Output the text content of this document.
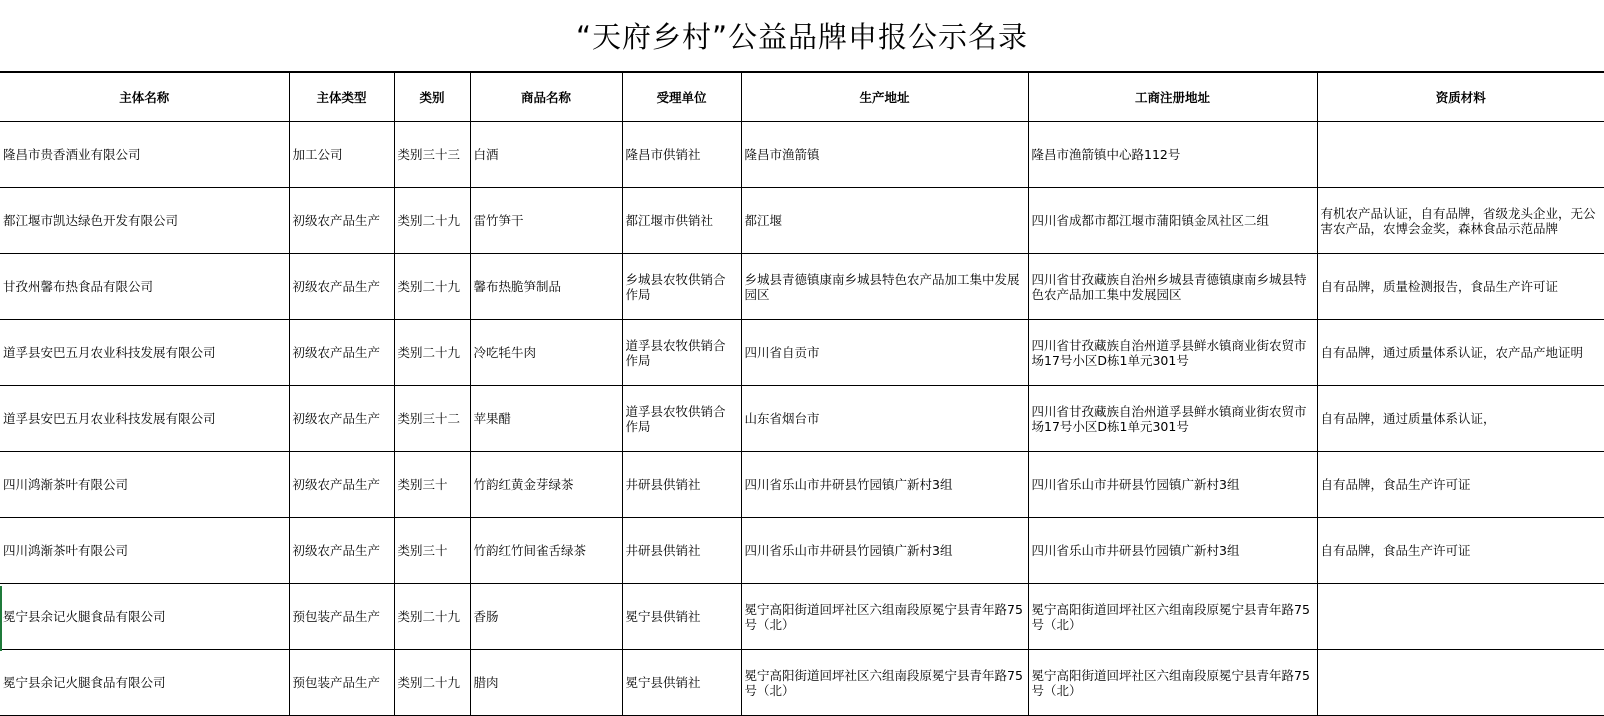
“天府乡村”公益品牌申报公示名录
主体名称	主体类型	类别	商品名称	受理单位	生产地址	工商注册地址	资质材料
隆昌市贵香酒业有限公司	加工公司	类别三十三	白酒	隆昌市供销社	隆昌市渔箭镇	隆昌市渔箭镇中心路112号	
都江堰市凯达绿色开发有限公司	初级农产品生产	类别二十九	雷竹笋干	都江堰市供销社	都江堰	四川省成都市都江堰市蒲阳镇金凤社区二组	有机农产品认证，自有品牌，省级龙头企业，无公害农产品，农博会金奖，森林食品示范品牌
甘孜州馨布热食品有限公司	初级农产品生产	类别二十九	馨布热脆笋制品	乡城县农牧供销合作局	乡城县青德镇康南乡城县特色农产品加工集中发展园区	四川省甘孜藏族自治州乡城县青德镇康南乡城县特色农产品加工集中发展园区	自有品牌，质量检测报告，食品生产许可证
道孚县安巴五月农业科技发展有限公司	初级农产品生产	类别二十九	冷吃牦牛肉	道孚县农牧供销合作局	四川省自贡市	四川省甘孜藏族自治州道孚县鲜水镇商业街农贸市场17号小区D栋1单元301号	自有品牌，通过质量体系认证，农产品产地证明
道孚县安巴五月农业科技发展有限公司	初级农产品生产	类别三十二	苹果醋	道孚县农牧供销合作局	山东省烟台市	四川省甘孜藏族自治州道孚县鲜水镇商业街农贸市场17号小区D栋1单元301号	自有品牌，通过质量体系认证，
四川鸿渐茶叶有限公司	初级农产品生产	类别三十	竹韵红黄金芽绿茶	井研县供销社	四川省乐山市井研县竹园镇广新村3组	四川省乐山市井研县竹园镇广新村3组	自有品牌，食品生产许可证
四川鸿渐茶叶有限公司	初级农产品生产	类别三十	竹韵红竹间雀舌绿茶	井研县供销社	四川省乐山市井研县竹园镇广新村3组	四川省乐山市井研县竹园镇广新村3组	自有品牌，食品生产许可证
冕宁县余记火腿食品有限公司	预包装产品生产	类别二十九	香肠	冕宁县供销社	冕宁高阳街道回坪社区六组南段原冕宁县青年路75号（北）	冕宁高阳街道回坪社区六组南段原冕宁县青年路75号（北）	
冕宁县余记火腿食品有限公司	预包装产品生产	类别二十九	腊肉	冕宁县供销社	冕宁高阳街道回坪社区六组南段原冕宁县青年路75号（北）	冕宁高阳街道回坪社区六组南段原冕宁县青年路75号（北）	
